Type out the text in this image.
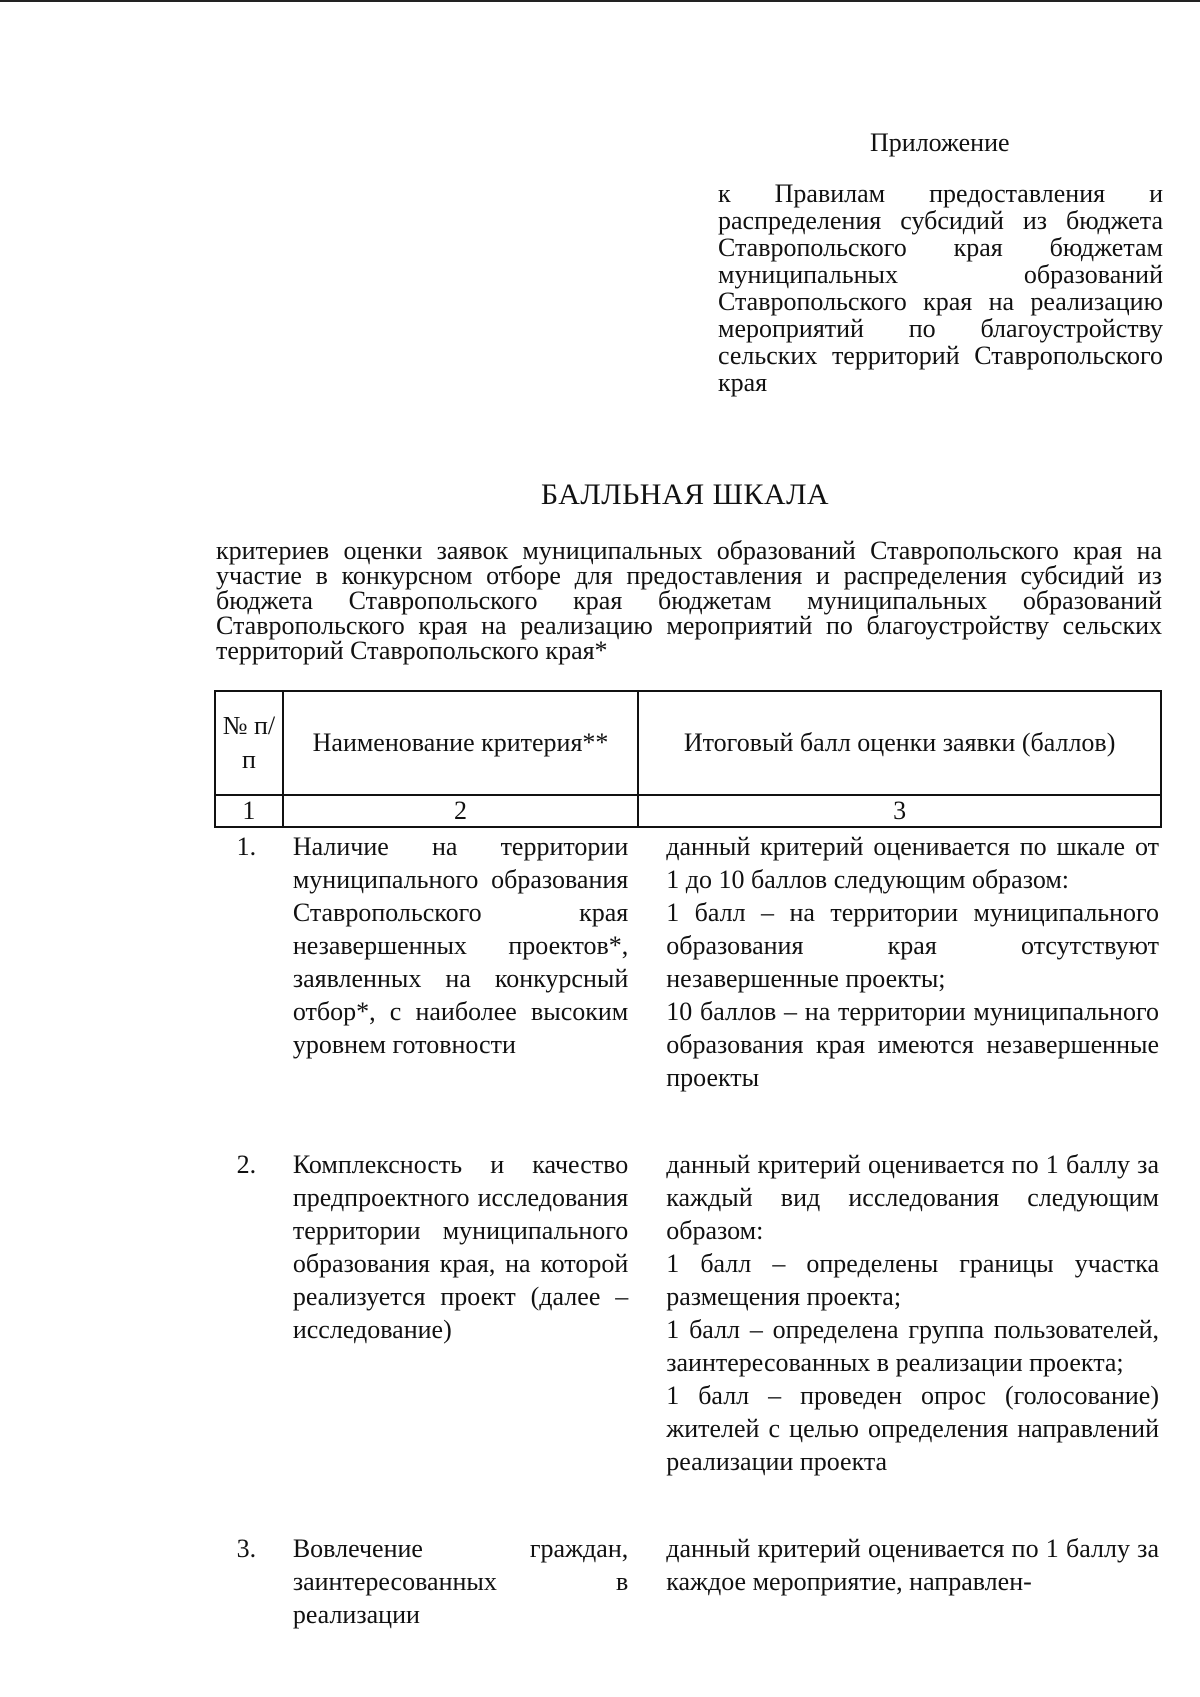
Приложение
к Правилам предоставления и распределения субсидий из бюджета Ставропольского края бюджетам муниципальных образований Ставропольского края на реализацию мероприятий по благоустройству сельских территорий Ставропольского края
БАЛЛЬНАЯ ШКАЛА
критериев оценки заявок муниципальных образований Ставропольского края на участие в конкурсном отборе для предоставления и распределения субсидий из бюджета Ставропольского края бюджетам муниципальных образований Ставропольского края на реализацию мероприятий по благоустройству сельских территорий Ставропольского края*
№ п/п	Наименование критерия**	Итоговый балл оценки заявки (баллов)
1	2	3
1.	Наличие на территории муниципального образования Ставропольского края незавершенных проектов*, заявленных на конкурсный отбор*, с наиболее высоким уровнем готовности	данный критерий оценивается по шкале от 1 до 10 баллов следующим образом:

1 балл – на территории муниципального образования края отсутствуют незавершенные проекты;

10 баллов – на территории муниципального образования края имеются незавершенные проекты

2.	Комплексность и качество предпроектного исследования территории муниципального образования края, на которой реализуется проект (далее – исследование)	данный критерий оценивается по 1 баллу за каждый вид исследования следующим образом:

1 балл – определены границы участка размещения проекта;

1 балл – определена группа пользователей, заинтересованных в реализации проекта;

1 балл – проведен опрос (голосование) жителей с целью определения направлений реализации проекта

3.	Вовлечение граждан, заинтересованных в реализации	данный критерий оценивается по 1 баллу за каждое мероприятие, направлен-
